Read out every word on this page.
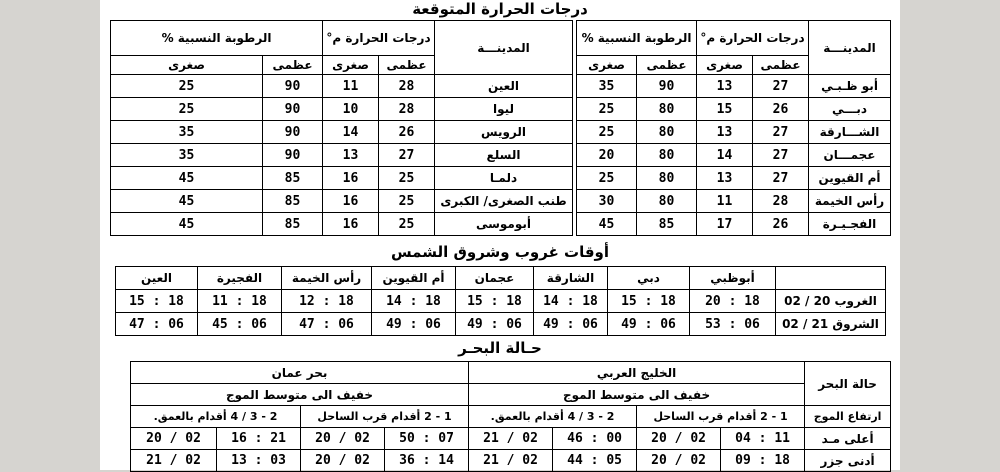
درجات الحرارة المتوقعة
المدينـــة	درجات الحرارة م°		الرطوبة النسبية %			المدينـــة	درجات الحرارة م°		الرطوبة النسبية %	
	عظمى	صغرى	عظمى	صغرى			عظمى	صغرى	عظمى	صغرى
أبو ظـبـي	27	13	90	35		العين	28	11	90	25
دبـــي	26	15	80	25		ليوا	28	10	90	25
الشـــارقة	27	13	80	25		الرويس	26	14	90	35
عجمـــان	27	14	80	20		السلع	27	13	90	35
أم القيوين	27	13	80	25		دلمـا	25	16	85	45
رأس الخيمة	28	11	80	30		طنب الصغرى/ الكبرى	25	16	85	45
الفجـيـرة	26	17	85	45		أبوموسى	25	16	85	45
أوقات غروب وشروق الشمس
	أبوظبي	دبي	الشارقة	عجمان	أم القيوين	رأس الخيمة	الفجيرة	العين
الغروب 20 / 02	18 : 20	18 : 15	18 : 14	18 : 15	18 : 14	18 : 12	18 : 11	18 : 15
الشروق 21 / 02	06 : 53	06 : 49	06 : 49	06 : 49	06 : 49	06 : 47	06 : 45	06 : 47
حـالة البحـر
حالة البحر	الخليج العربي				بحر عمان			
	خفيف الى متوسط الموج				خفيف الى متوسط الموج			
ارتفاع الموج	1 - 2 أقدام قرب الساحل		2 - 3 / 4 أقدام بالعمق.		1 - 2 أقدام قرب الساحل		2 - 3 / 4 أقدام بالعمق.	
أعلى مـد	11 : 04	02 / 20	00 : 46	02 / 21	07 : 50	02 / 20	21 : 16	02 / 20
أدنى جزر	18 : 09	02 / 20	05 : 44	02 / 21	14 : 36	02 / 20	03 : 13	02 / 21
